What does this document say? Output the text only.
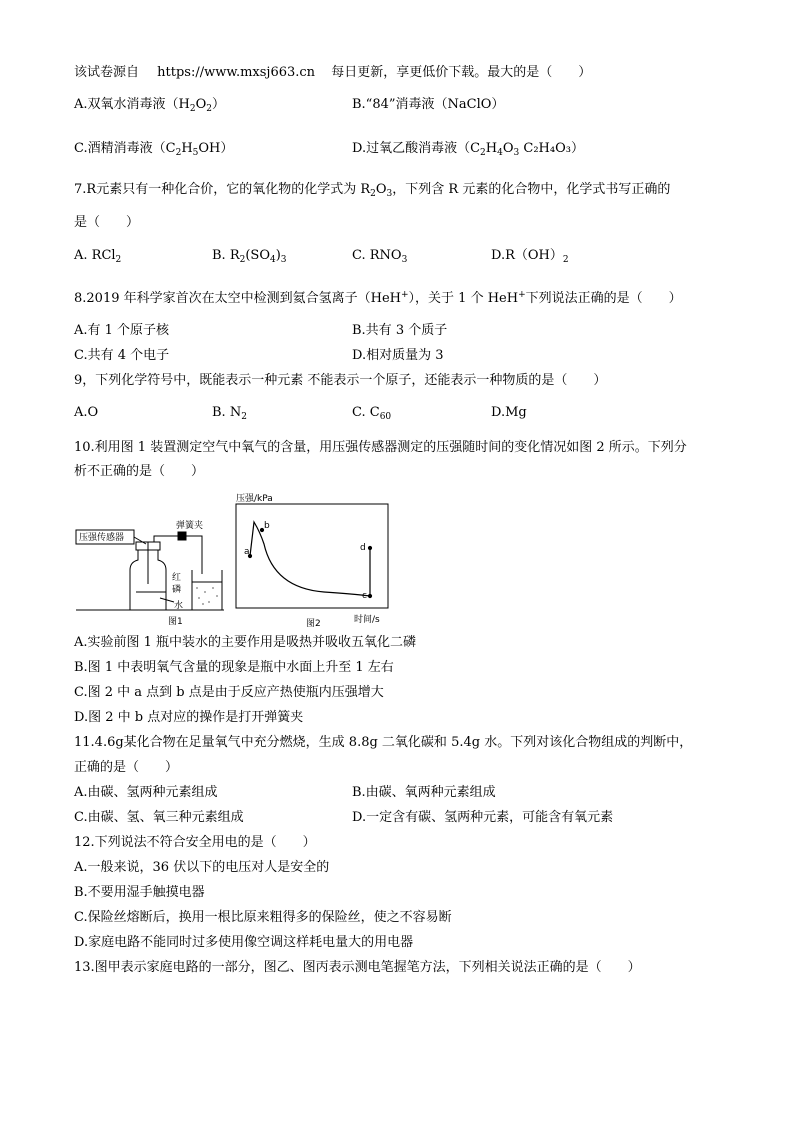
该试卷源自 https://www.mxsj663.cn 每日更新，享更低价下载。最大的是（　　）
A.双氧水消毒液$(H_2O_2)$	B.“84”消毒液（NaClO）
C.酒精消毒液$(C_2H_5OH)$	D.过氧乙酸消毒液（$C_2H_4O_3$ C₂H₄O₃）
7.R元素只有一种化合价，它的氧化物的化学式为 $R_2O_3$，下列含 R 元素的化合物中，化学式书写正确的
是（　　）
A. RCl$_2$	B. $R_2(SO_4)_3$	C. $RNO_3$	$D.R(OH)_2$
8.2019 年科学家首次在太空中检测到氦合氢离子（HeH+），关于 1 个 HeH+下列说法正确的是（　　）
A.有 1 个原子核	B.共有 3 个质子
C.共有 4 个电子	D.相对质量为 3
9，下列化学符号中，既能表示一种元素 不能表示一个原子，还能表示一种物质的是（　　）
A.O	B. $N_2$	C. $C_{60}$	D.Mg
10.利用图 1 装置测定空气中氧气的含量，用压强传感器测定的压强随时间的变化情况如图 2 所示。下列分
析不正确的是（　　）
压强传感器
弹簧夹
红
磷
水
图1
压强/kPa
时间/s
图2
a
b
c
d
A.实验前图 1 瓶中装水的主要作用是吸热并吸收五氧化二磷
B.图 1 中表明氧气含量的现象是瓶中水面上升至 1 左右
C.图 2 中 a 点到 b 点是由于反应产热使瓶内压强增大
D.图 2 中 b 点对应的操作是打开弹簧夹
11.4.6g某化合物在足量氧气中充分燃烧，生成 8.8g 二氧化碳和 5.4g 水。下列对该化合物组成的判断中，
正确的是（　　）
A.由碳、氢两种元素组成	B.由碳、氧两种元素组成
C.由碳、氢、氧三种元素组成	D.一定含有碳、氢两种元素，可能含有氧元素
12.下列说法不符合安全用电的是（　　）
A.一般来说，36 伏以下的电压对人是安全的
B.不要用湿手触摸电器
C.保险丝熔断后，换用一根比原来粗得多的保险丝，使之不容易断
D.家庭电路不能同时过多使用像空调这样耗电量大的用电器
13.图甲表示家庭电路的一部分，图乙、图丙表示测电笔握笔方法，下列相关说法正确的是（　　）
